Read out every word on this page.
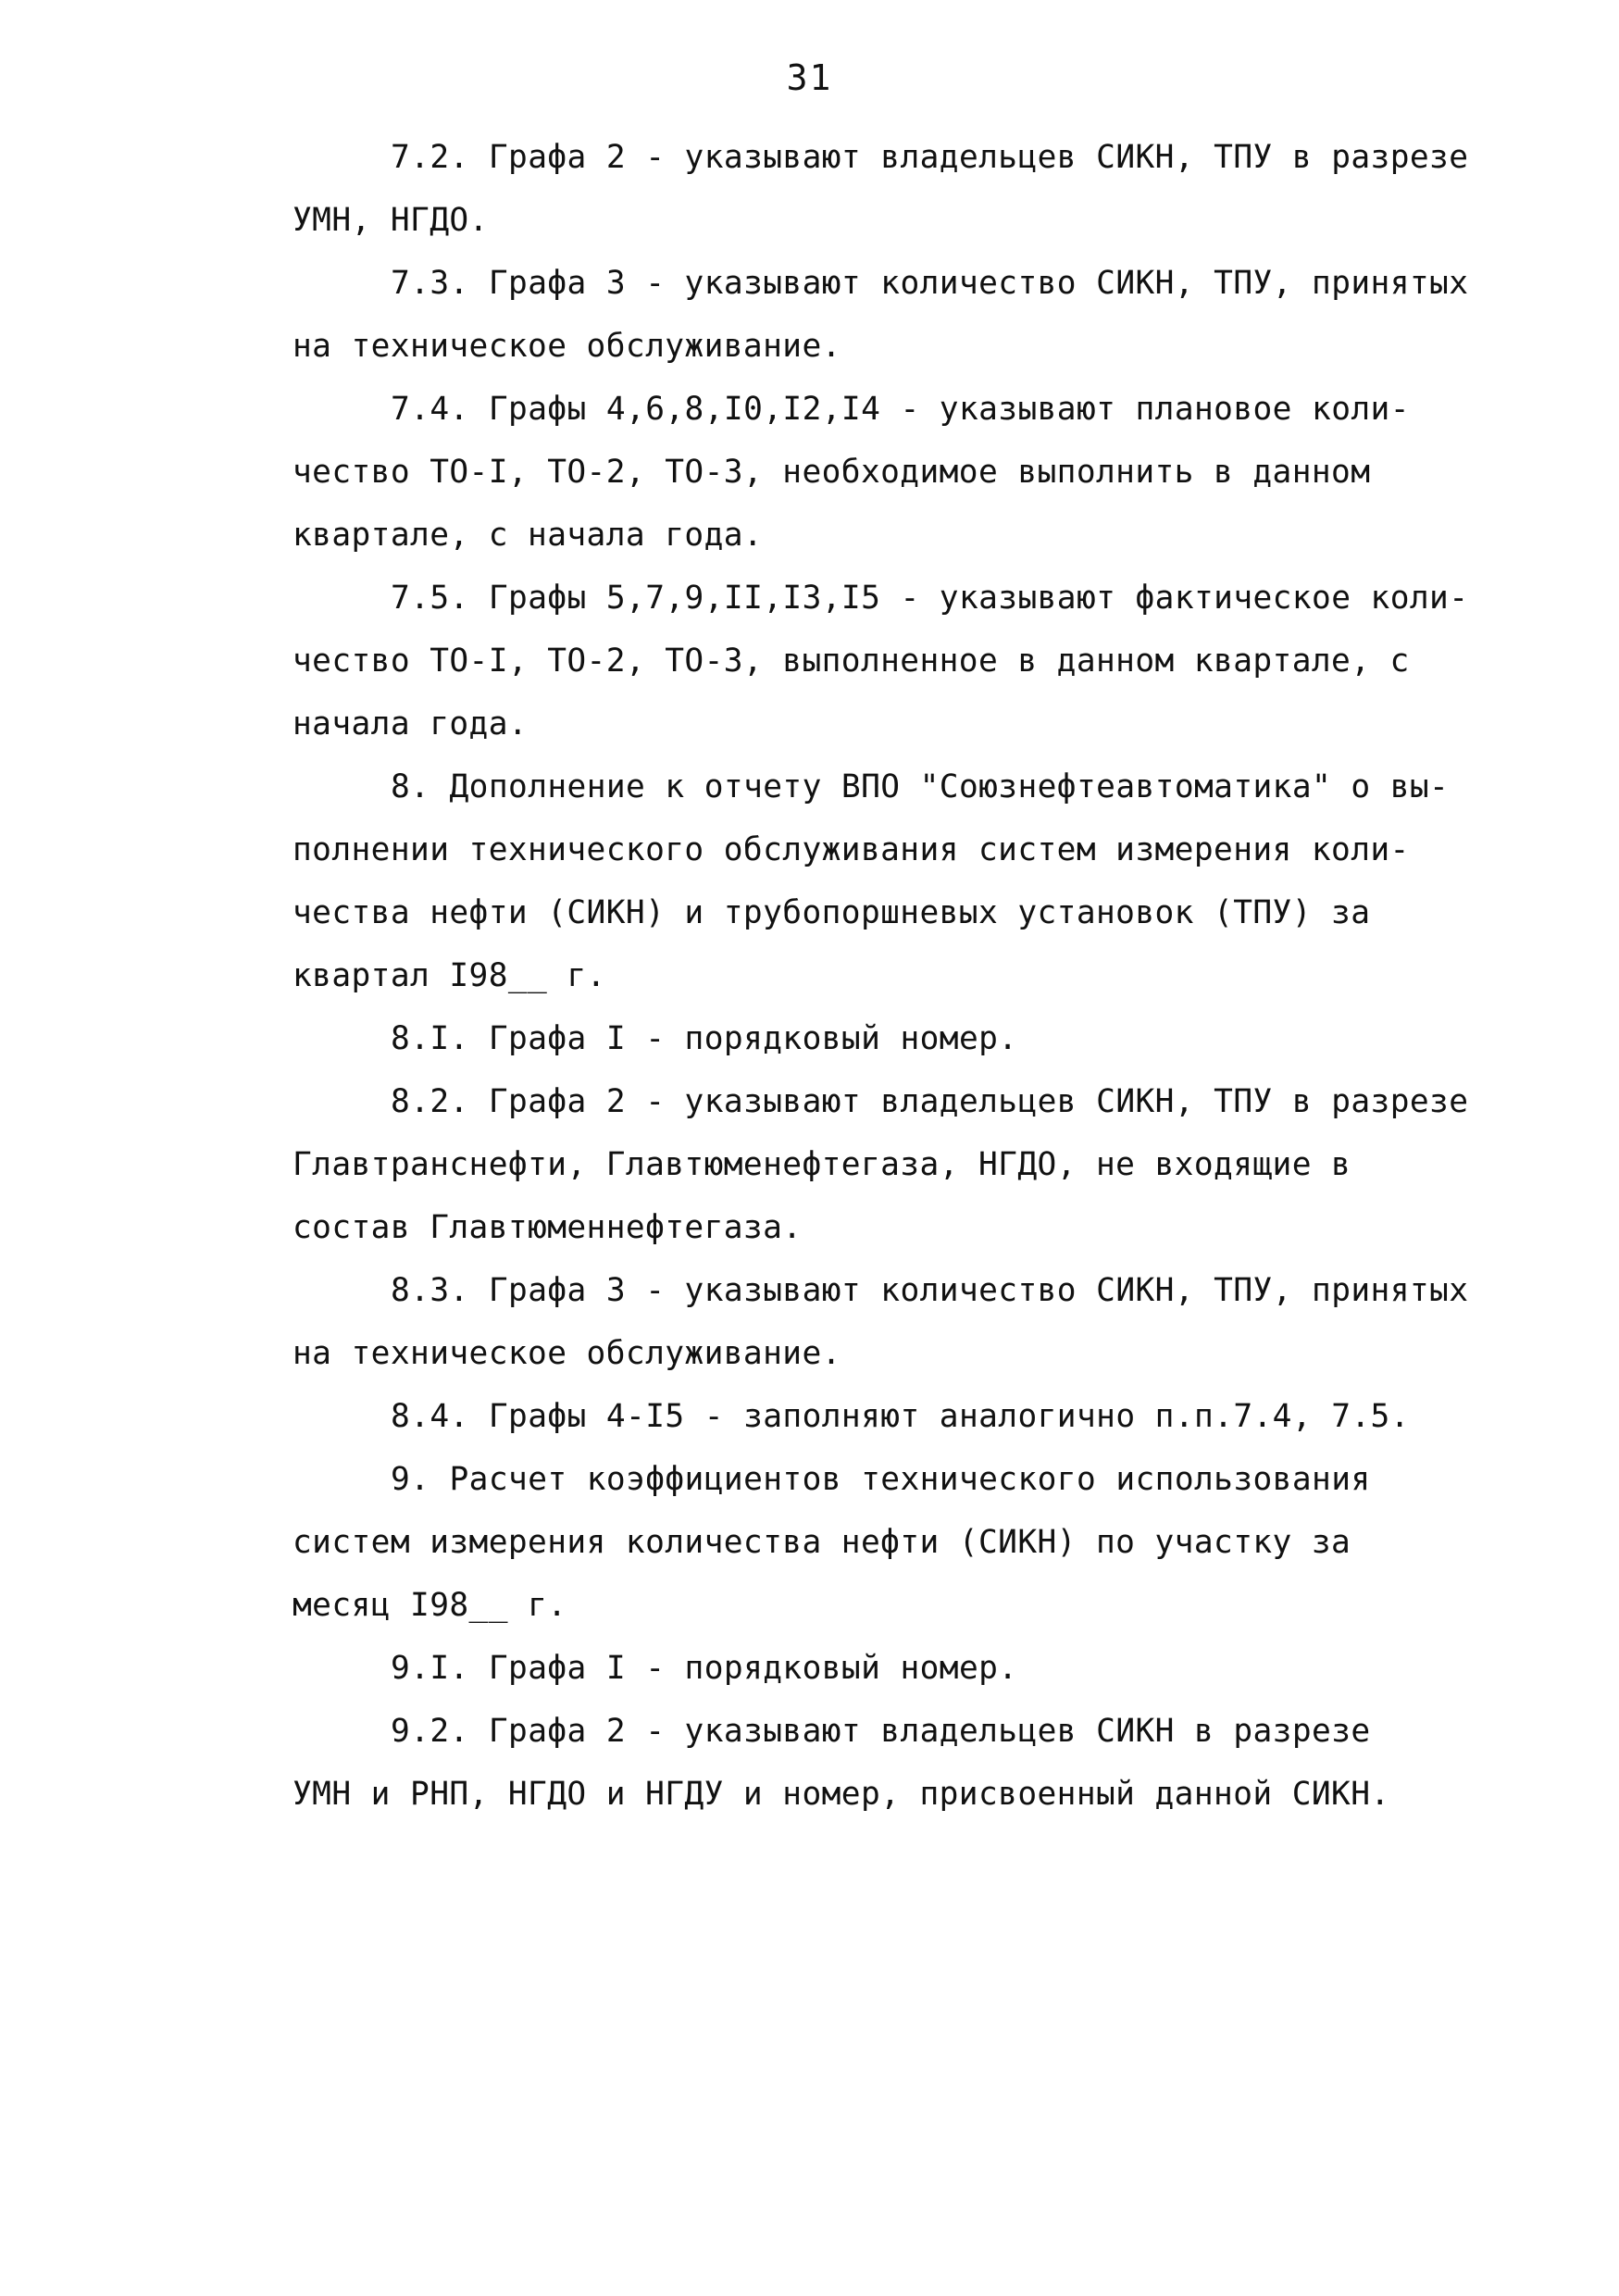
31
7.2. Графа 2 - указывают владельцев СИКН, ТПУ в разрезе
УМН, НГДО.
7.3. Графа 3 - указывают количество СИКН, ТПУ, принятых
на техническое обслуживание.
7.4. Графы 4,6,8,I0,I2,I4 - указывают плановое коли-
чество ТО-I, ТО-2, ТО-3, необходимое выполнить в данном
квартале, с начала года.
7.5. Графы 5,7,9,II,I3,I5 - указывают фактическое коли-
чество ТО-I, ТО-2, ТО-3, выполненное в данном квартале, с
начала года.
8. Дополнение к отчету ВПО "Союзнефтеавтоматика" о вы-
полнении технического обслуживания систем измерения коли-
чества нефти (СИКН) и трубопоршневых установок (ТПУ) за
квартал I98__ г.
8.I. Графа I - порядковый номер.
8.2. Графа 2 - указывают владельцев СИКН, ТПУ в разрезе
Главтранснефти, Главтюменефтегаза, НГДО, не входящие в
состав Главтюменнефтегаза.
8.3. Графа 3 - указывают количество СИКН, ТПУ, принятых
на техническое обслуживание.
8.4. Графы 4-I5 - заполняют аналогично п.п.7.4, 7.5.
9. Расчет коэффициентов технического использования
систем измерения количества нефти (СИКН) по участку за
месяц I98__ г.
9.I. Графа I - порядковый номер.
9.2. Графа 2 - указывают владельцев СИКН в разрезе
УМН и РНП, НГДО и НГДУ и номер, присвоенный данной СИКН.
